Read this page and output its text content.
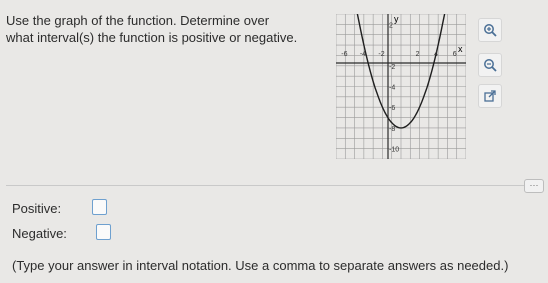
Use the graph of the function. Determine over
what interval(s) the function is positive or negative.
x
y
-6 -4 -2	2 4 6
2
-2
-4
-6
-8
-10
···
Positive:
Negative:
(Type your answer in interval notation. Use a comma to separate answers as needed.)
